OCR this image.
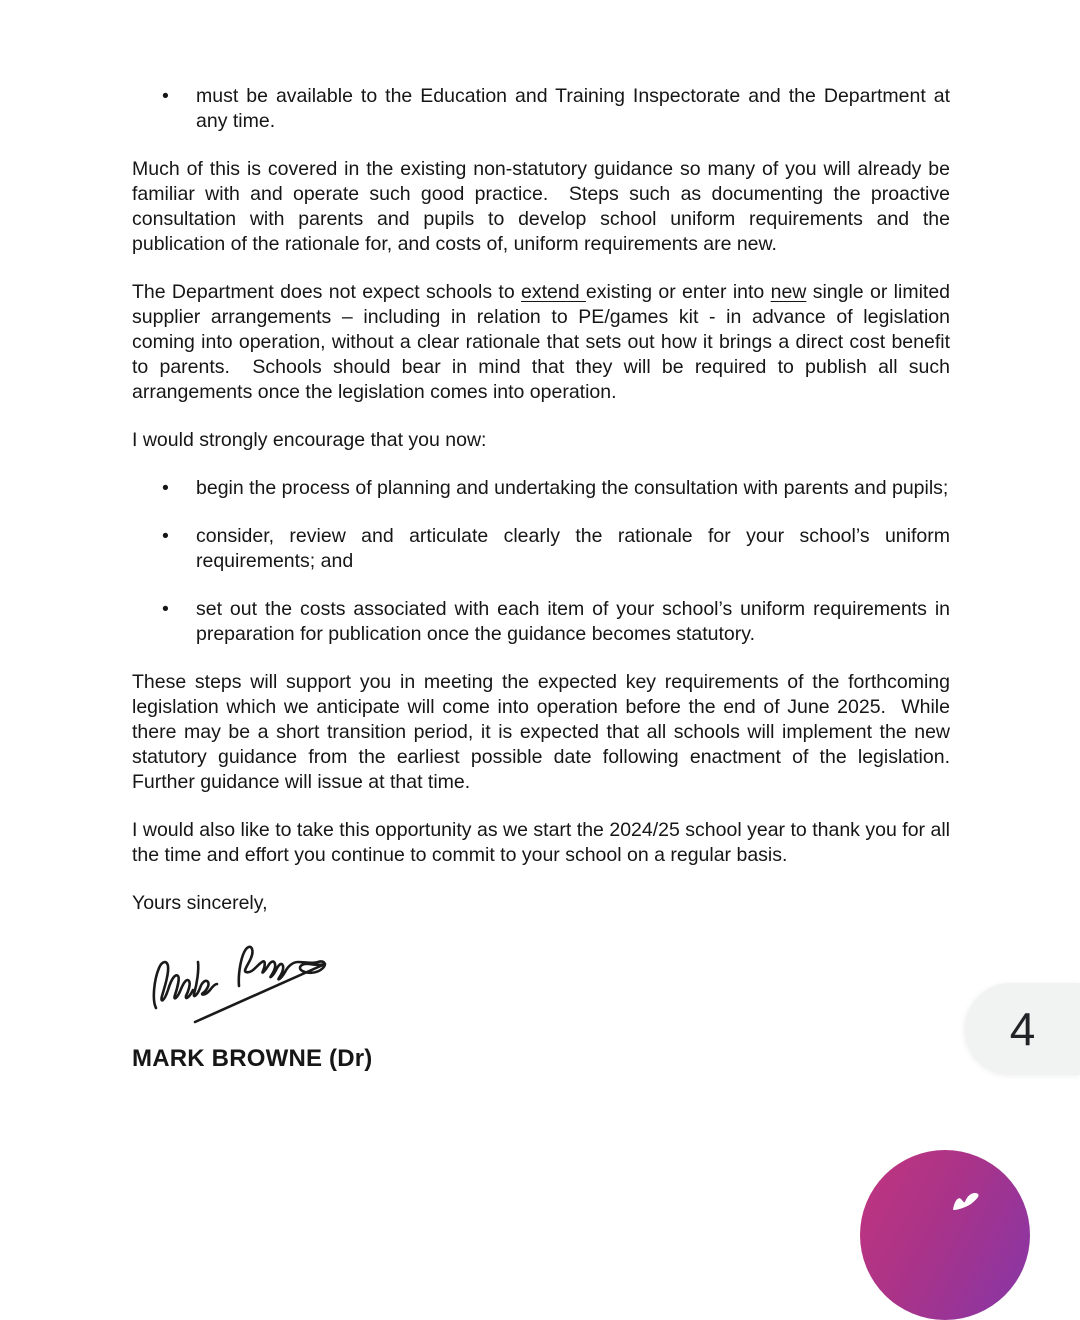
•	must be available to the Education and Training Inspectorate and the Department at any time.

Much of this is covered in the existing non-statutory guidance so many of you will already be familiar with and operate such good practice.  Steps such as documenting the proactive consultation with parents and pupils to develop school uniform requirements and the publication of the rationale for, and costs of, uniform requirements are new.

The Department does not expect schools to extend existing or enter into new single or limited supplier arrangements – including in relation to PE/games kit - in advance of legislation coming into operation, without a clear rationale that sets out how it brings a direct cost benefit to parents.  Schools should bear in mind that they will be required to publish all such arrangements once the legislation comes into operation.

I would strongly encourage that you now:

•	begin the process of planning and undertaking the consultation with parents and pupils;
•	consider, review and articulate clearly the rationale for your school’s uniform requirements; and
•	set out the costs associated with each item of your school’s uniform requirements in preparation for publication once the guidance becomes statutory.

These steps will support you in meeting the expected key requirements of the forthcoming legislation which we anticipate will come into operation before the end of June 2025.  While there may be a short transition period, it is expected that all schools will implement the new statutory guidance from the earliest possible date following enactment of the legislation.   Further guidance will issue at that time.

I would also like to take this opportunity as we start the 2024/25 school year to thank you for all the time and effort you continue to commit to your school on a regular basis.

Yours sincerely,

MARK BROWNE (Dr)

4
